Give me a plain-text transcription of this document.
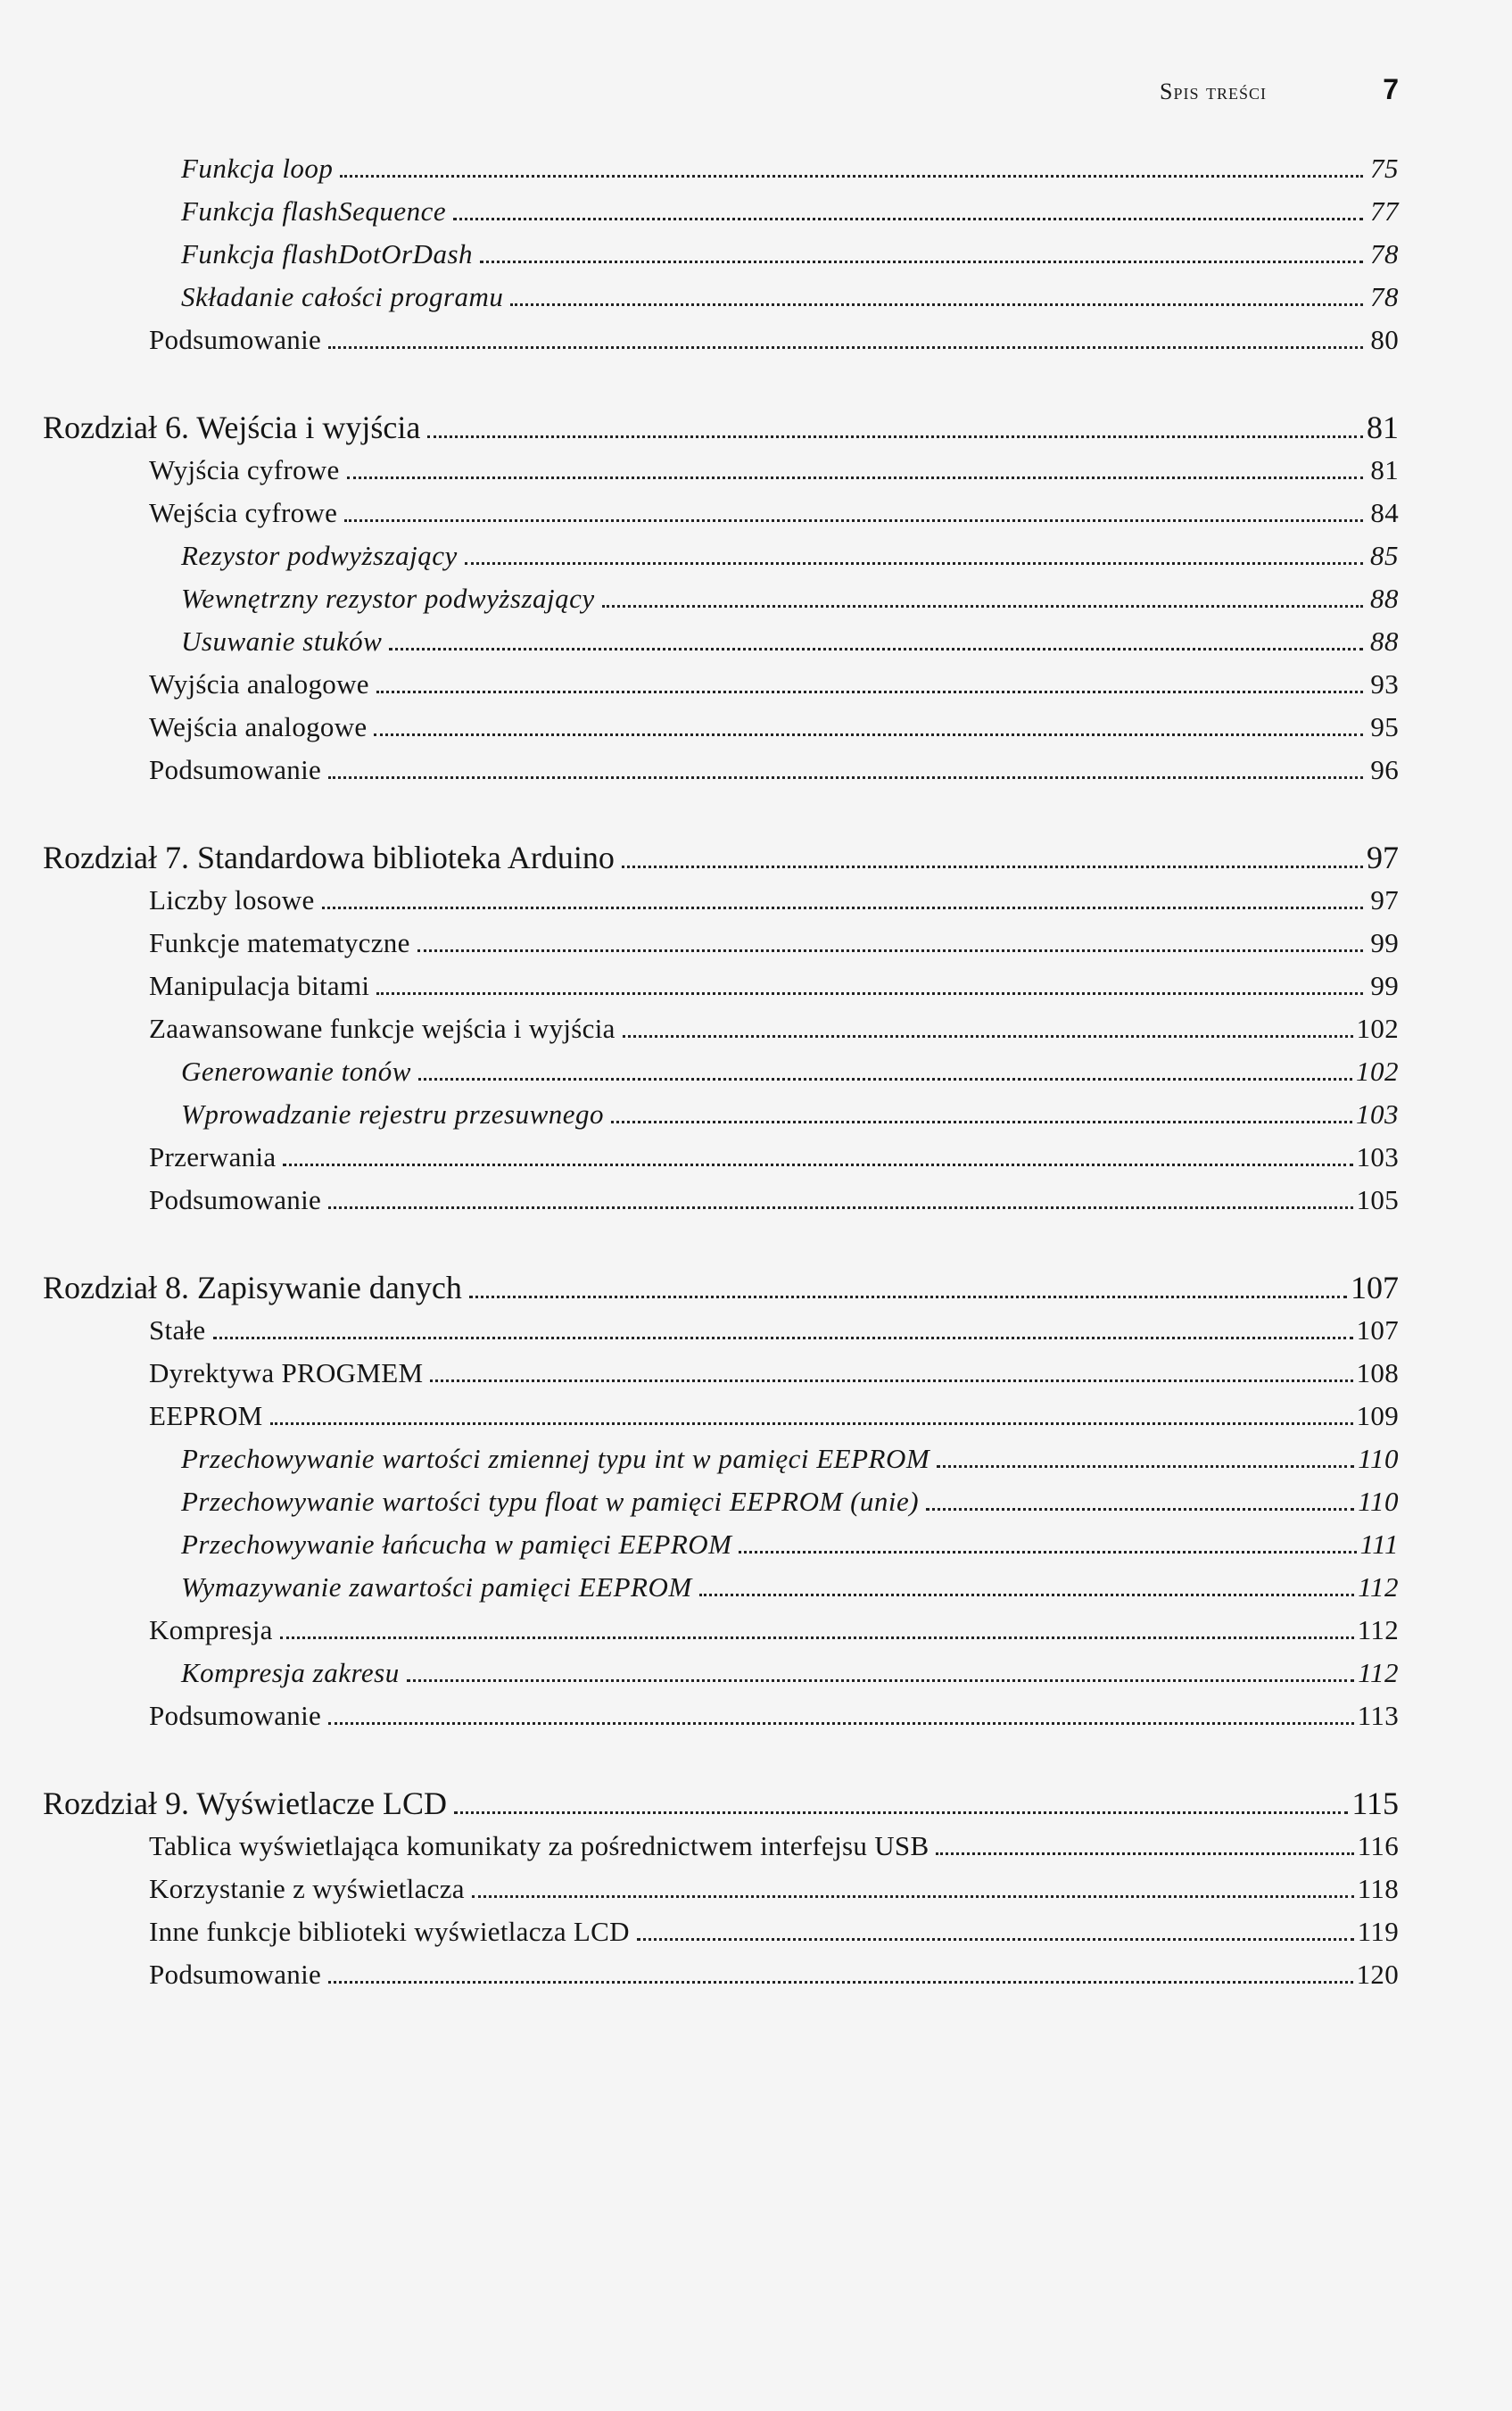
Spis treści	7
Funkcja loop	75
Funkcja flashSequence	77
Funkcja flashDotOrDash	78
Składanie całości programu	78
Podsumowanie	80
Rozdział 6. Wejścia i wyjścia	81
Wyjścia cyfrowe	81
Wejścia cyfrowe	84
Rezystor podwyższający	85
Wewnętrzny rezystor podwyższający	88
Usuwanie stuków	88
Wyjścia analogowe	93
Wejścia analogowe	95
Podsumowanie	96
Rozdział 7. Standardowa biblioteka Arduino	97
Liczby losowe	97
Funkcje matematyczne	99
Manipulacja bitami	99
Zaawansowane funkcje wejścia i wyjścia	102
Generowanie tonów	102
Wprowadzanie rejestru przesuwnego	103
Przerwania	103
Podsumowanie	105
Rozdział 8. Zapisywanie danych	107
Stałe	107
Dyrektywa PROGMEM	108
EEPROM	109
Przechowywanie wartości zmiennej typu int w pamięci EEPROM	110
Przechowywanie wartości typu float w pamięci EEPROM (unie)	110
Przechowywanie łańcucha w pamięci EEPROM	111
Wymazywanie zawartości pamięci EEPROM	112
Kompresja	112
Kompresja zakresu	112
Podsumowanie	113
Rozdział 9. Wyświetlacze LCD	115
Tablica wyświetlająca komunikaty za pośrednictwem interfejsu USB	116
Korzystanie z wyświetlacza	118
Inne funkcje biblioteki wyświetlacza LCD	119
Podsumowanie	120
